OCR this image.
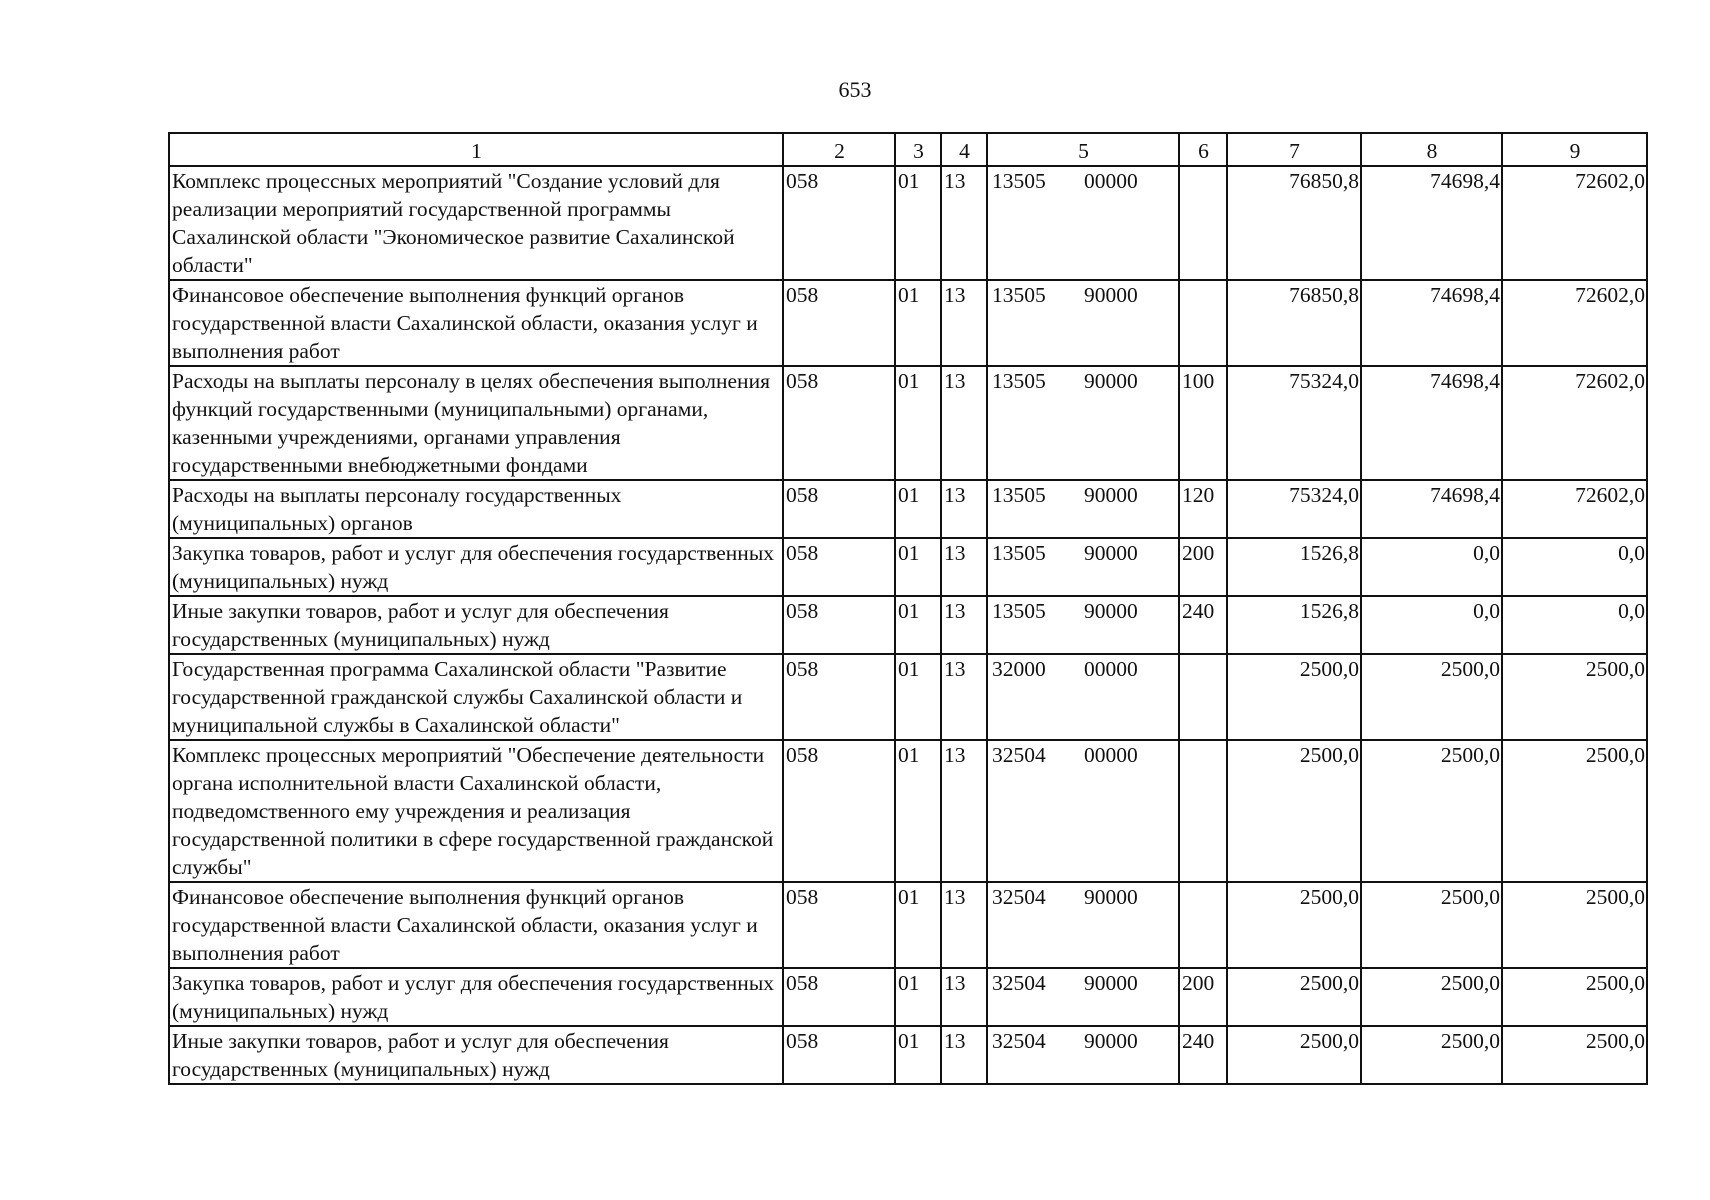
653
1	2	3	4	5	6	7	8	9
Комплекс процессных мероприятий "Создание условий для реализации мероприятий государственной программы Сахалинской области "Экономическое развитие Сахалинской области"	058	01	13	13505 00000		76850,8	74698,4	72602,0
Финансовое обеспечение выполнения функций органов государственной власти Сахалинской области, оказания услуг и выполнения работ	058	01	13	13505 90000		76850,8	74698,4	72602,0
Расходы на выплаты персоналу в целях обеспечения выполнения функций государственными (муниципальными) органами, казенными учреждениями, органами управления государственными внебюджетными фондами	058	01	13	13505 90000	100	75324,0	74698,4	72602,0
Расходы на выплаты персоналу государственных (муниципальных) органов	058	01	13	13505 90000	120	75324,0	74698,4	72602,0
Закупка товаров, работ и услуг для обеспечения государственных (муниципальных) нужд	058	01	13	13505 90000	200	1526,8	0,0	0,0
Иные закупки товаров, работ и услуг для обеспечения государственных (муниципальных) нужд	058	01	13	13505 90000	240	1526,8	0,0	0,0
Государственная программа Сахалинской области "Развитие государственной гражданской службы Сахалинской области и муниципальной службы в Сахалинской области"	058	01	13	32000 00000		2500,0	2500,0	2500,0
Комплекс процессных мероприятий "Обеспечение деятельности органа исполнительной власти Сахалинской области, подведомственного ему учреждения и реализация государственной политики в сфере государственной гражданской службы"	058	01	13	32504 00000		2500,0	2500,0	2500,0
Финансовое обеспечение выполнения функций органов государственной власти Сахалинской области, оказания услуг и выполнения работ	058	01	13	32504 90000		2500,0	2500,0	2500,0
Закупка товаров, работ и услуг для обеспечения государственных (муниципальных) нужд	058	01	13	32504 90000	200	2500,0	2500,0	2500,0
Иные закупки товаров, работ и услуг для обеспечения государственных (муниципальных) нужд	058	01	13	32504 90000	240	2500,0	2500,0	2500,0
